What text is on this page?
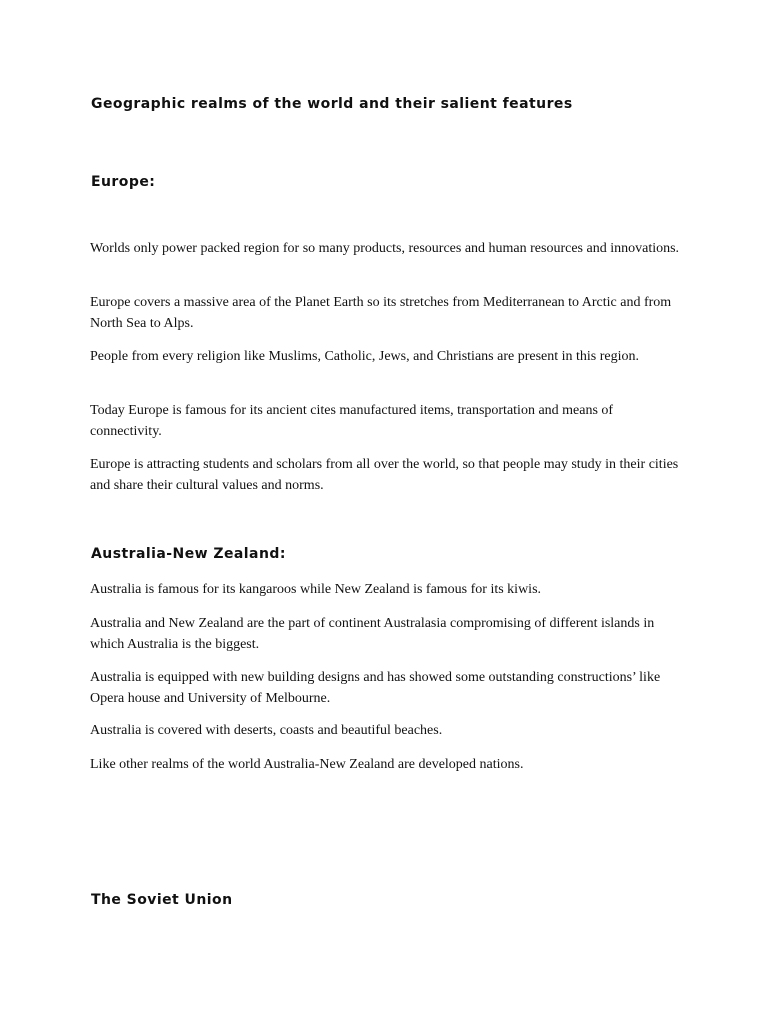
Geographic realms of the world and their salient features
Europe:

Worlds only power packed region for so many products, resources and human resources and innovations.

Europe covers a massive area of the Planet Earth so its stretches from Mediterranean to Arctic and from North Sea to Alps.

People from every religion like Muslims, Catholic, Jews, and Christians are present in this region.

Today Europe is famous for its ancient cites manufactured items, transportation and means of connectivity.

Europe is attracting students and scholars from all over the world, so that people may study in their cities and share their cultural values and norms.

Australia-New Zealand:

Australia is famous for its kangaroos while New Zealand is famous for its kiwis.

Australia and New Zealand are the part of continent Australasia compromising of different islands in which Australia is the biggest.

Australia is equipped with new building designs and has showed some outstanding constructions’ like Opera house and University of Melbourne.

Australia is covered with deserts, coasts and beautiful beaches.

Like other realms of the world Australia-New Zealand are developed nations.

The Soviet Union
